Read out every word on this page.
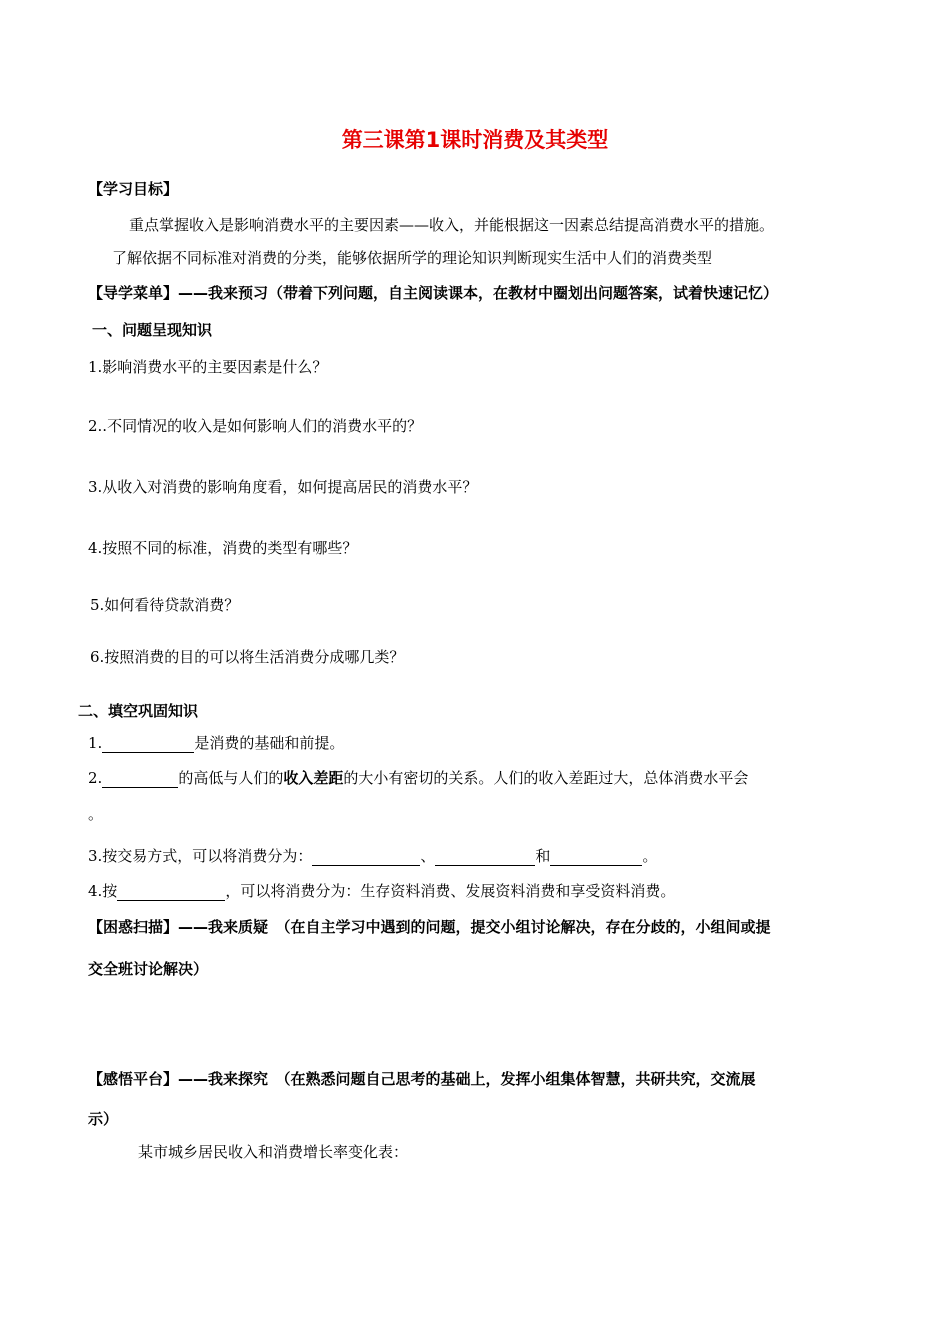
第三课第1课时消费及其类型
【学习目标】
重点掌握收入是影响消费水平的主要因素——收入，并能根据这一因素总结提高消费水平的措施。
了解依据不同标准对消费的分类，能够依据所学的理论知识判断现实生活中人们的消费类型
【导学菜单】——我来预习（带着下列问题，自主阅读课本，在教材中圈划出问题答案，试着快速记忆）
一、问题呈现知识
1.影响消费水平的主要因素是什么？
2..不同情况的收入是如何影响人们的消费水平的？
3.从收入对消费的影响角度看，如何提高居民的消费水平？
4.按照不同的标准，消费的类型有哪些？
5.如何看待贷款消费？
6.按照消费的目的可以将生活消费分成哪几类？
二、填空巩固知识
1.	是消费的基础和前提。
2.	的高低与人们的收入差距的大小有密切的关系。人们的收入差距过大，总体消费水平会
。
3.按交易方式，可以将消费分为：	、	和	。
4.按	，可以将消费分为：生存资料消费、发展资料消费和享受资料消费。
【困惑扫描】——我来质疑　（在自主学习中遇到的问题，提交小组讨论解决，存在分歧的，小组间或提
交全班讨论解决）
【感悟平台】——我来探究　（在熟悉问题自己思考的基础上，发挥小组集体智慧，共研共究，交流展
示）
某市城乡居民收入和消费增长率变化表：
